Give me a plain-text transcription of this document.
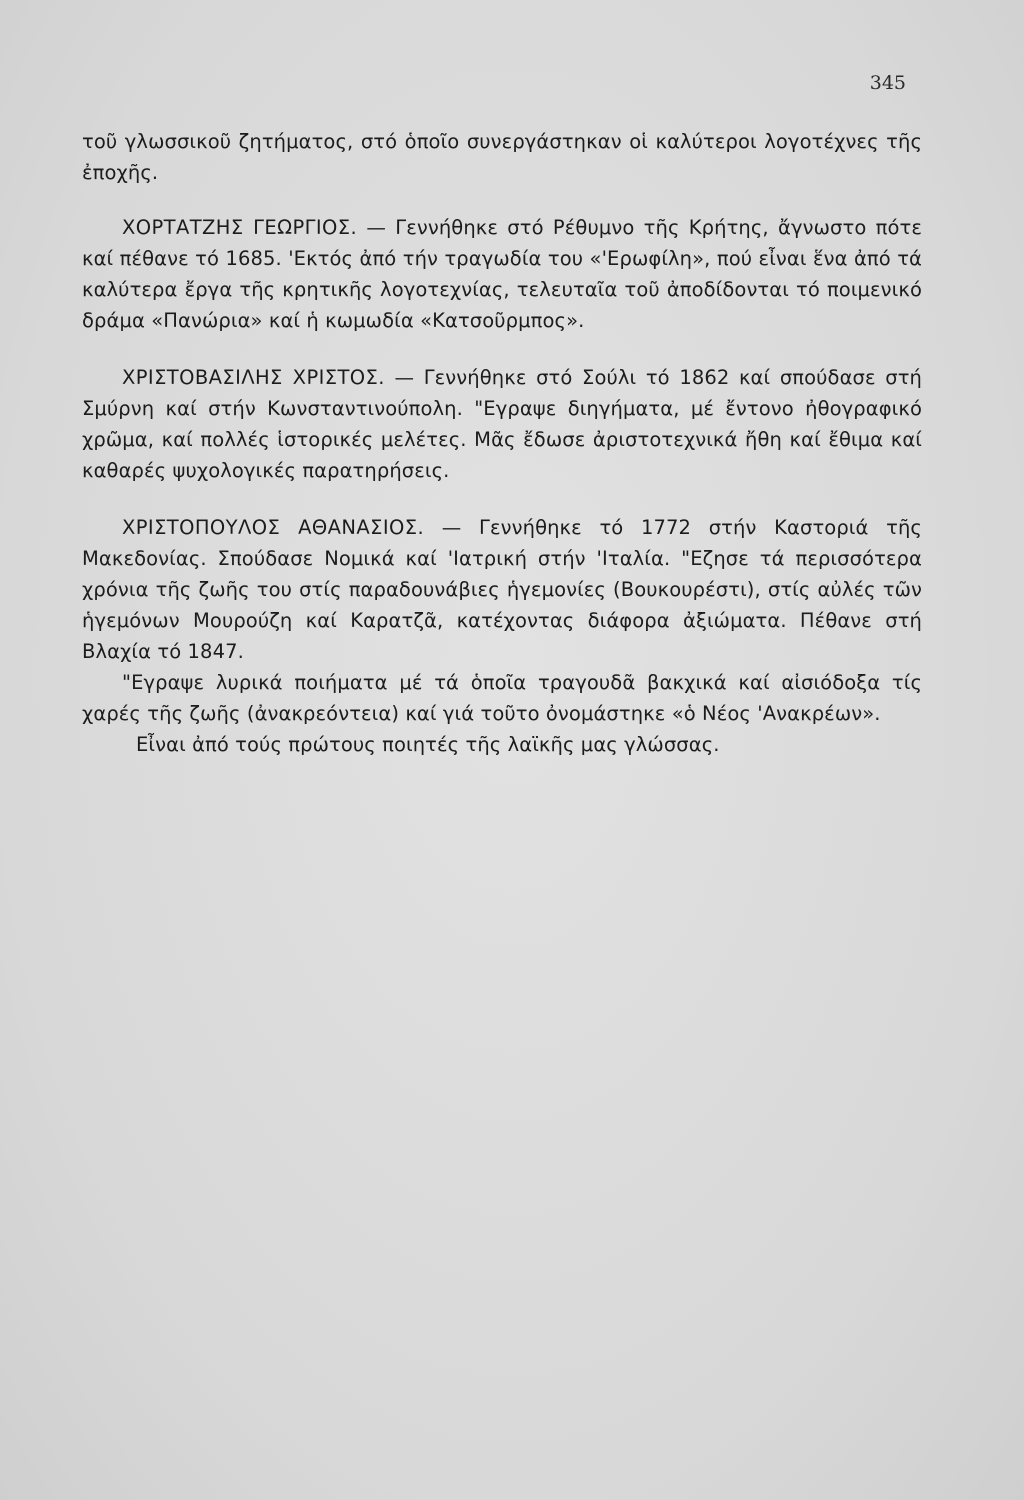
345

τοῦ γλωσσικοῦ ζητήματος, στό ὁποῖο συνεργάστηκαν οἱ καλύτεροι λογοτέχνες τῆς ἐποχῆς.

ΧΟΡΤΑΤΖΗΣ ΓΕΩΡΓΙΟΣ. — Γεννήθηκε στό Ρέθυμνο τῆς Κρήτης, ἄγνωστο πότε καί πέθανε τό 1685. 'Εκτός ἀπό τήν τραγωδία του «'Ερωφίλη», πού εἶναι ἕνα ἀπό τά καλύτερα ἔργα τῆς κρητικῆς λογοτεχνίας, τελευταῖα τοῦ ἀποδίδονται τό ποιμενικό δράμα «Πανώρια» καί ἡ κωμωδία «Κατσοῦρμπος».

ΧΡΙΣΤΟΒΑΣΙΛΗΣ ΧΡΙΣΤΟΣ. — Γεννήθηκε στό Σούλι τό 1862 καί σπούδασε στή Σμύρνη καί στήν Κωνσταντινούπολη. "Εγραψε διηγήματα, μέ ἔντονο ἠθογραφικό χρῶμα, καί πολλές ἱστορικές μελέτες. Μᾶς ἔδωσε ἀριστοτεχνικά ἤθη καί ἔθιμα καί καθαρές ψυχολογικές παρατηρήσεις.

ΧΡΙΣΤΟΠΟΥΛΟΣ ΑΘΑΝΑΣΙΟΣ. — Γεννήθηκε τό 1772 στήν Καστοριά τῆς Μακεδονίας. Σπούδασε Νομικά καί 'Ιατρική στήν 'Ιταλία. "Εζησε τά περισσότερα χρόνια τῆς ζωῆς του στίς παραδουνάβιες ἡγεμονίες (Βουκουρέστι), στίς αὐλές τῶν ἡγεμόνων Μουρούζη καί Καρατζᾶ, κατέχοντας διάφορα ἀξιώματα. Πέθανε στή Βλαχία τό 1847.

"Εγραψε λυρικά ποιήματα μέ τά ὁποῖα τραγουδᾶ βακχικά καί αἰσιόδοξα τίς χαρές τῆς ζωῆς (ἀνακρεόντεια) καί γιά τοῦτο ὀνομάστηκε «ὁ Νέος 'Ανακρέων».

Εἶναι ἀπό τούς πρώτους ποιητές τῆς λαϊκῆς μας γλώσσας.
